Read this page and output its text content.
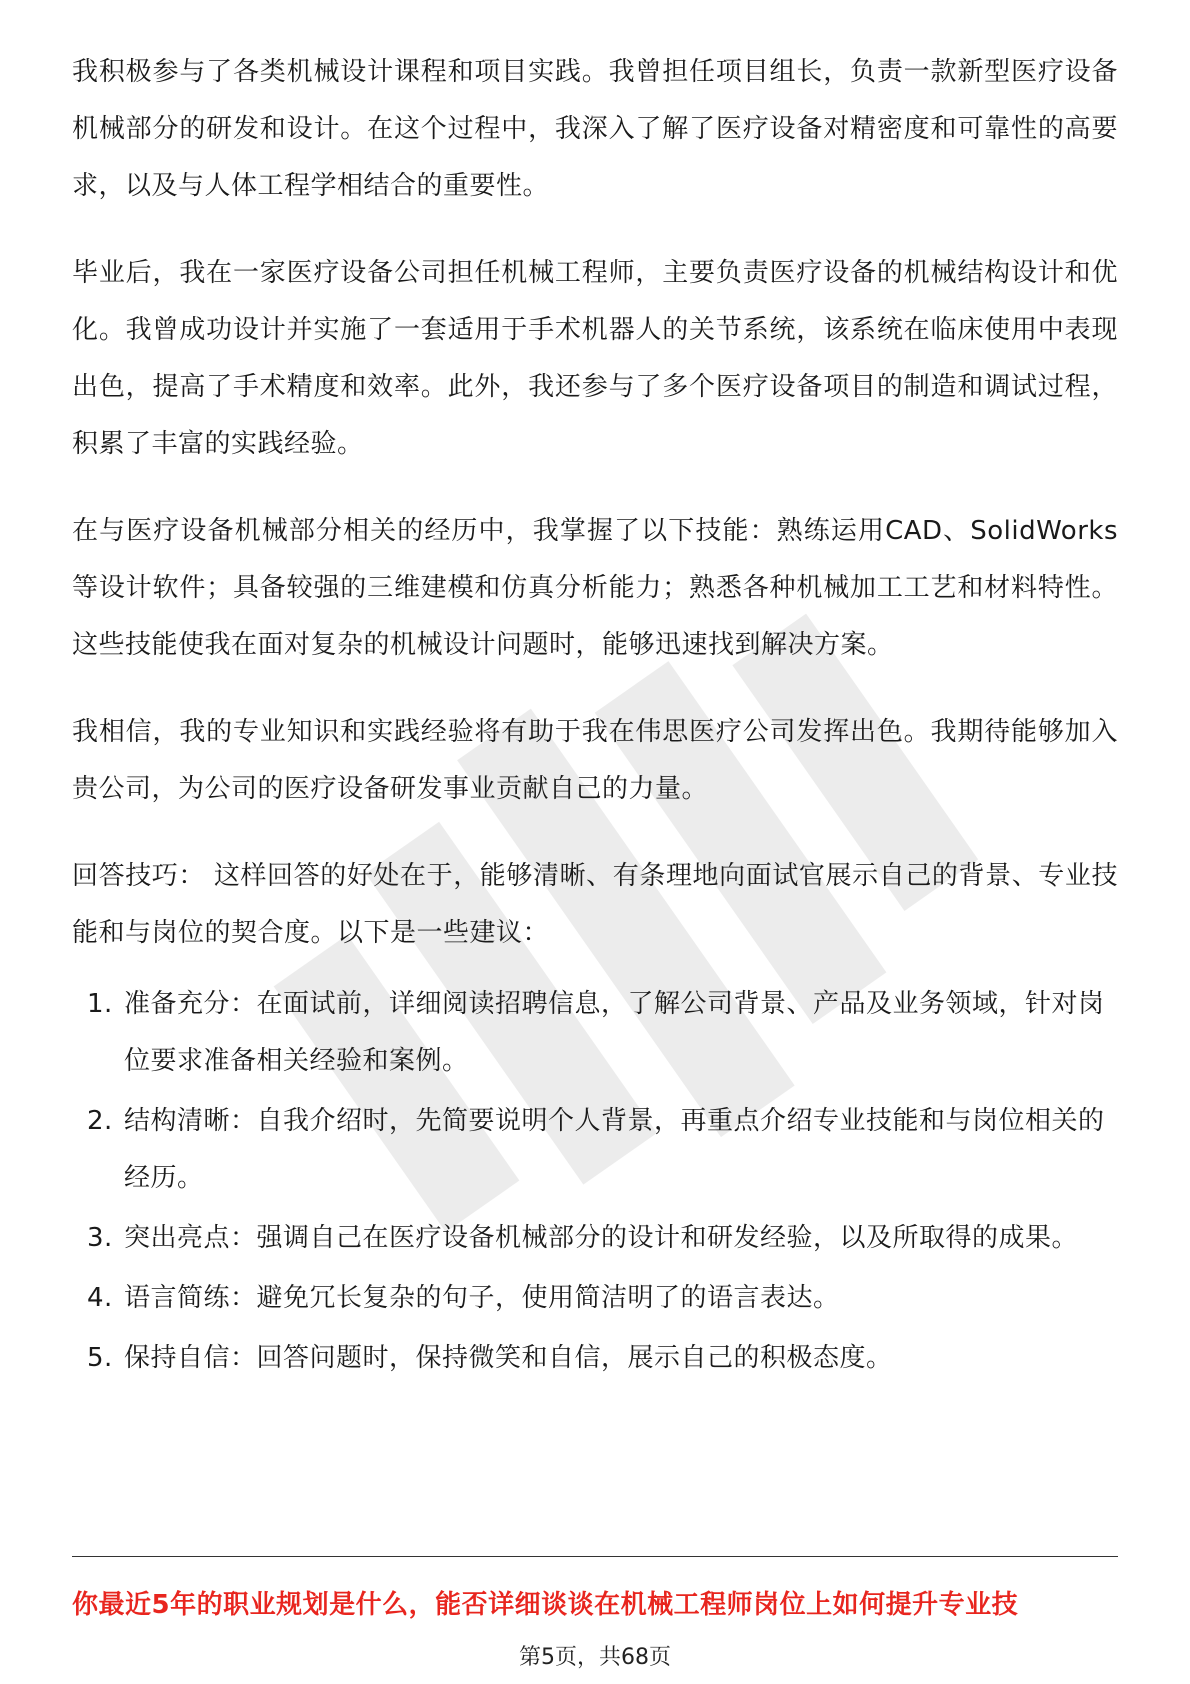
我积极参与了各类机械设计课程和项目实践。我曾担任项目组长，负责一款新型医疗设备机械部分的研发和设计。在这个过程中，我深入了解了医疗设备对精密度和可靠性的高要求，以及与人体工程学相结合的重要性。

毕业后，我在一家医疗设备公司担任机械工程师，主要负责医疗设备的机械结构设计和优化。我曾成功设计并实施了一套适用于手术机器人的关节系统，该系统在临床使用中表现出色，提高了手术精度和效率。此外，我还参与了多个医疗设备项目的制造和调试过程，积累了丰富的实践经验。

在与医疗设备机械部分相关的经历中，我掌握了以下技能：熟练运用CAD、SolidWorks等设计软件；具备较强的三维建模和仿真分析能力；熟悉各种机械加工工艺和材料特性。这些技能使我在面对复杂的机械设计问题时，能够迅速找到解决方案。

我相信，我的专业知识和实践经验将有助于我在伟思医疗公司发挥出色。我期待能够加入贵公司，为公司的医疗设备研发事业贡献自己的力量。

回答技巧： 这样回答的好处在于，能够清晰、有条理地向面试官展示自己的背景、专业技能和与岗位的契合度。以下是一些建议：

1. 准备充分：在面试前，详细阅读招聘信息，了解公司背景、产品及业务领域，针对岗位要求准备相关经验和案例。
2. 结构清晰：自我介绍时，先简要说明个人背景，再重点介绍专业技能和与岗位相关的经历。
3. 突出亮点：强调自己在医疗设备机械部分的设计和研发经验，以及所取得的成果。
4. 语言简练：避免冗长复杂的句子，使用简洁明了的语言表达。
5. 保持自信：回答问题时，保持微笑和自信，展示自己的积极态度。
你最近5年的职业规划是什么，能否详细谈谈在机械工程师岗位上如何提升专业技
第5页，共68页
